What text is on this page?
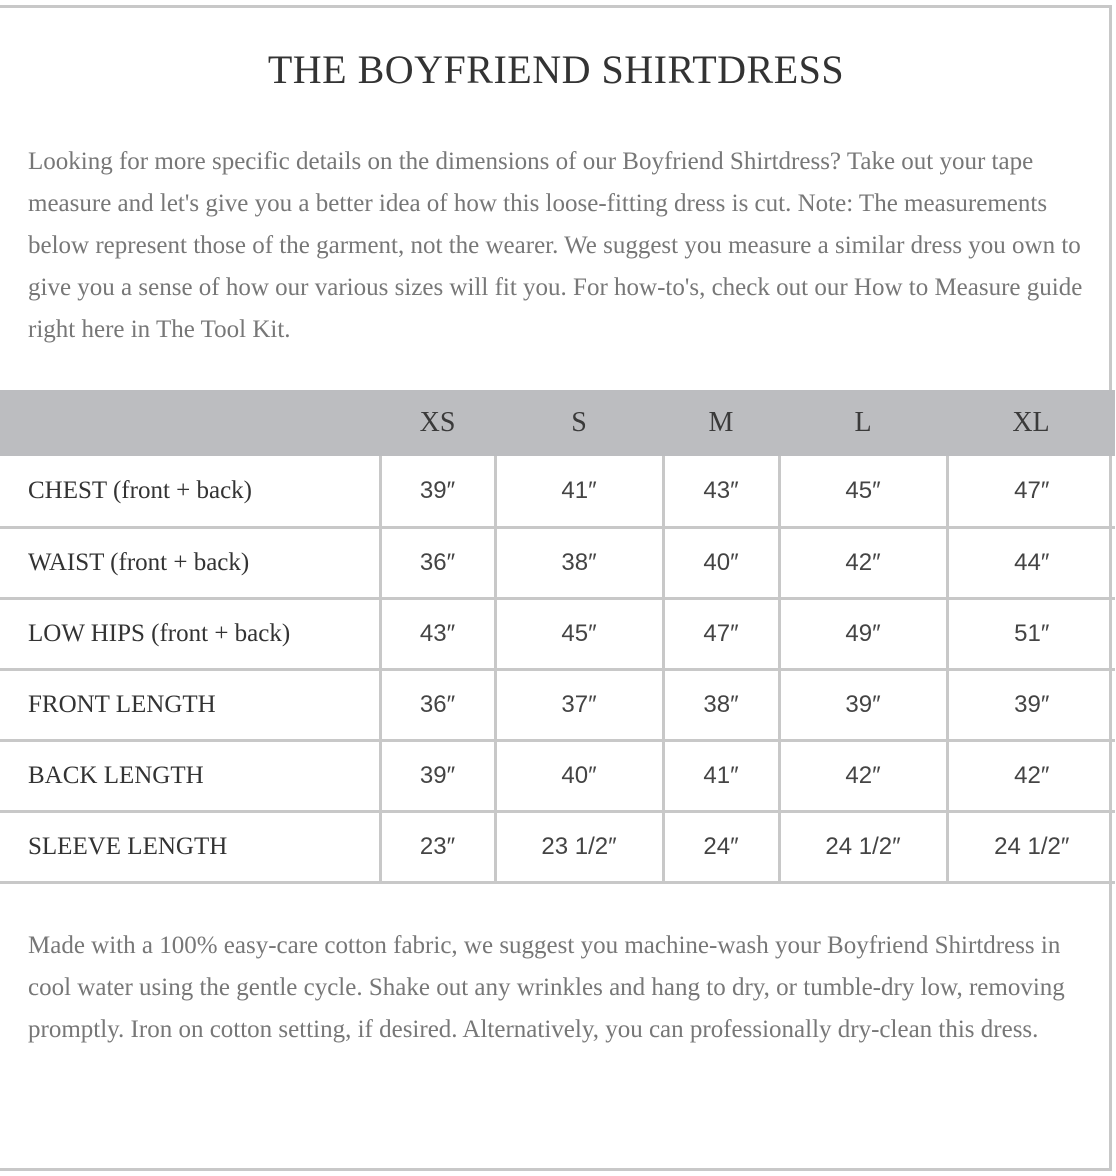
THE BOYFRIEND SHIRTDRESS

Looking for more specific details on the dimensions of our Boyfriend Shirtdress? Take out your tape measure and let's give you a better idea of how this loose-fitting dress is cut. Note: The measurements below represent those of the garment, not the wearer. We suggest you measure a similar dress you own to give you a sense of how our various sizes will fit you. For how-to's, check out our How to Measure guide right here in The Tool Kit.

	XS	S	M	L	XL
CHEST (front + back)	39″	41″	43″	45″	47″
WAIST (front + back)	36″	38″	40″	42″	44″
LOW HIPS (front + back)	43″	45″	47″	49″	51″
FRONT LENGTH	36″	37″	38″	39″	39″
BACK LENGTH	39″	40″	41″	42″	42″
SLEEVE LENGTH	23″	23 1/2″	24″	24 1/2″	24 1/2″

Made with a 100% easy-care cotton fabric, we suggest you machine-wash your Boyfriend Shirtdress in cool water using the gentle cycle. Shake out any wrinkles and hang to dry, or tumble-dry low, removing promptly. Iron on cotton setting, if desired. Alternatively, you can professionally dry-clean this dress.
